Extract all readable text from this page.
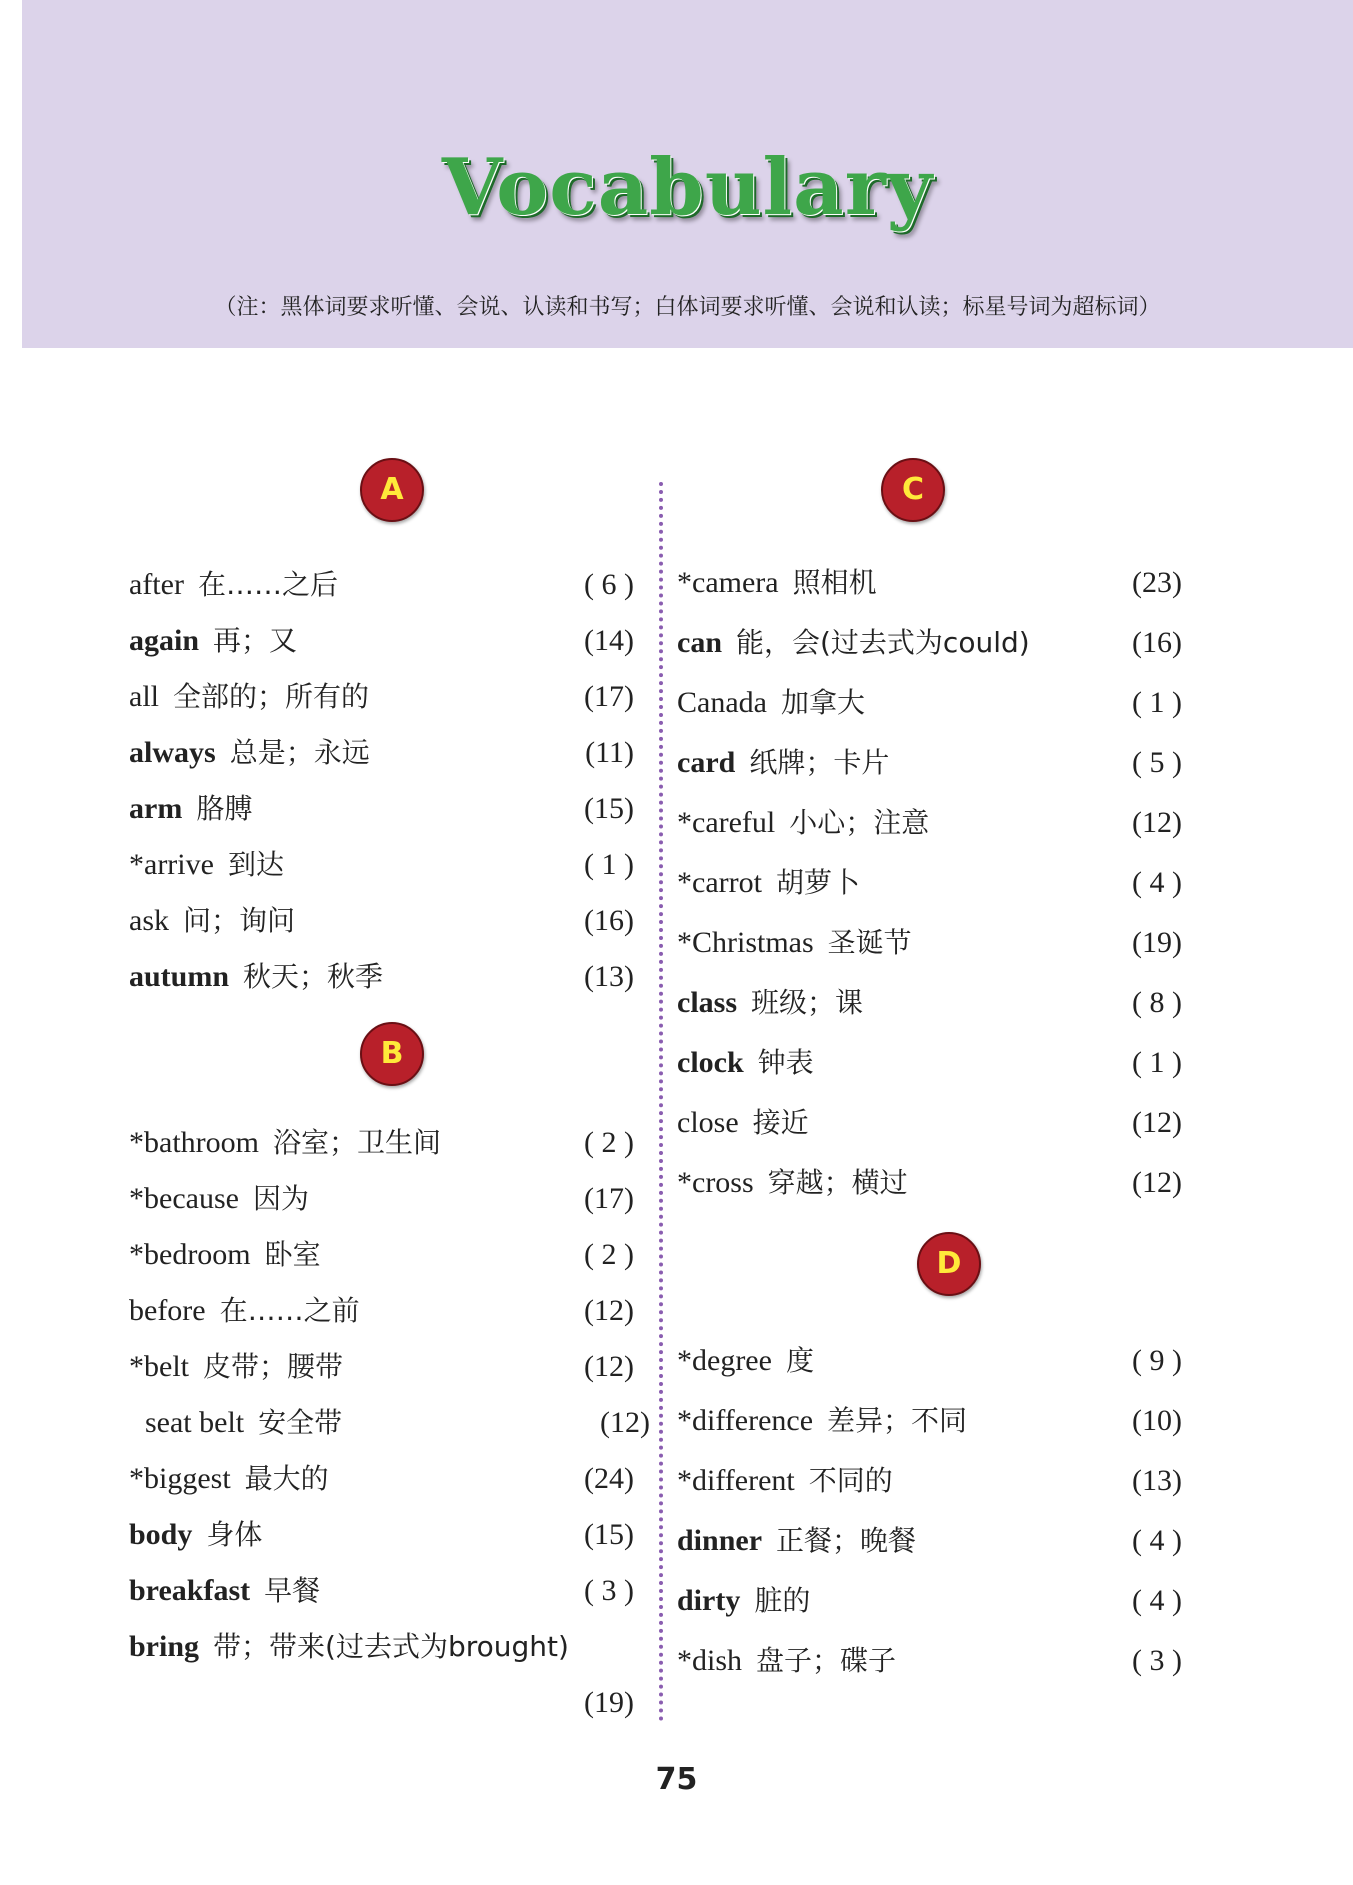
Vocabulary
（注：黑体词要求听懂、会说、认读和书写；白体词要求听懂、会说和认读；标星号词为超标词）
A
after 在……之后	( 6 )
again 再；又	(14)
all 全部的；所有的	(17)
always 总是；永远	(11)
arm 胳膊	(15)
*arrive 到达	( 1 )
ask 问；询问	(16)
autumn 秋天；秋季	(13)
B
*bathroom 浴室；卫生间	( 2 )
*because 因为	(17)
*bedroom 卧室	( 2 )
before 在……之前	(12)
*belt 皮带；腰带	(12)
seat belt 安全带	(12)
*biggest 最大的	(24)
body 身体	(15)
breakfast 早餐	( 3 )
bring 带；带来(过去式为brought)
(19)
C
*camera 照相机	(23)
can 能，会(过去式为could)	(16)
Canada 加拿大	( 1 )
card 纸牌；卡片	( 5 )
*careful 小心；注意	(12)
*carrot 胡萝卜	( 4 )
*Christmas 圣诞节	(19)
class 班级；课	( 8 )
clock 钟表	( 1 )
close 接近	(12)
*cross 穿越；横过	(12)
D
*degree 度	( 9 )
*difference 差异；不同	(10)
*different 不同的	(13)
dinner 正餐；晚餐	( 4 )
dirty 脏的	( 4 )
*dish 盘子；碟子	( 3 )
75
